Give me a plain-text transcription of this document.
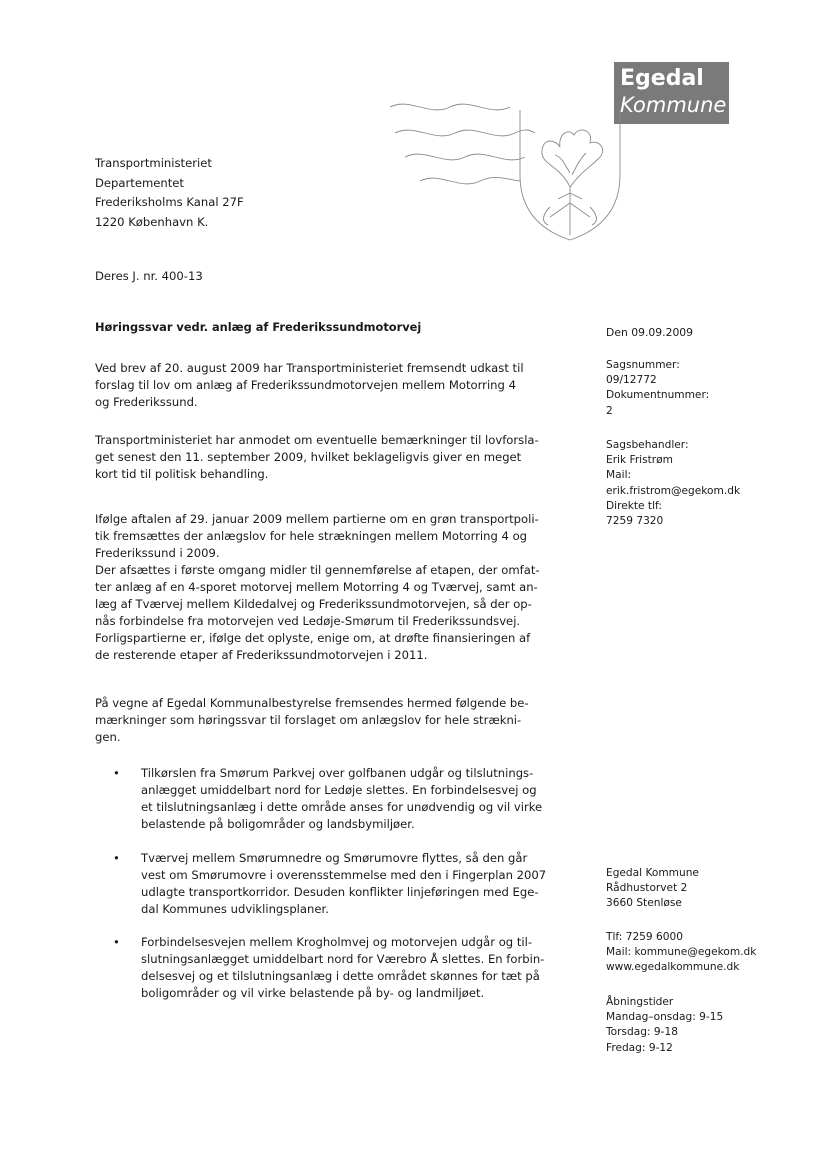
Egedal
Kommune
Transportministeriet
Departementet
Frederiksholms Kanal 27F
1220 København K.
Deres J. nr. 400-13
Høringssvar vedr. anlæg af Frederikssundmotorvej	Den 09.09.2009
Ved brev af 20. august 2009 har Transportministeriet fremsendt udkast til
forslag til lov om anlæg af Frederikssundmotorvejen mellem Motorring 4
og Frederikssund.
Transportministeriet har anmodet om eventuelle bemærkninger til lovforsla-
get senest den 11. september 2009, hvilket beklageligvis giver en meget
kort tid til politisk behandling.
Ifølge aftalen af 29. januar 2009 mellem partierne om en grøn transportpoli-
tik fremsættes der anlægslov for hele strækningen mellem Motorring 4 og
Frederikssund i 2009.
Der afsættes i første omgang midler til gennemførelse af etapen, der omfat-
ter anlæg af en 4-sporet motorvej mellem Motorring 4 og Tværvej, samt an-
læg af Tværvej mellem Kildedalvej og Frederikssundmotorvejen, så der op-
nås forbindelse fra motorvejen ved Ledøje-Smørum til Frederikssundsvej.
Forligspartierne er, ifølge det oplyste, enige om, at drøfte finansieringen af
de resterende etaper af Frederikssundmotorvejen i 2011.
På vegne af Egedal Kommunalbestyrelse fremsendes hermed følgende be-
mærkninger som høringssvar til forslaget om anlægslov for hele strækni-
gen.
• Tilkørslen fra Smørum Parkvej over golfbanen udgår og tilslutnings-
anlægget umiddelbart nord for Ledøje slettes. En forbindelsesvej og
et tilslutningsanlæg i dette område anses for unødvendig og vil virke
belastende på boligområder og landsbymiljøer.
• Tværvej mellem Smørumnedre og Smørumovre flyttes, så den går
vest om Smørumovre i overensstemmelse med den i Fingerplan 2007
udlagte transportkorridor. Desuden konflikter linjeføringen med Ege-
dal Kommunes udviklingsplaner.
• Forbindelsesvejen mellem Krogholmvej og motorvejen udgår og til-
slutningsanlægget umiddelbart nord for Værebro Å slettes. En forbin-
delsesvej og et tilslutningsanlæg i dette området skønnes for tæt på
boligområder og vil virke belastende på by- og landmiljøet.
Sagsnummer:
09/12772
Dokumentnummer:
2
Sagsbehandler:
Erik Fristrøm
Mail:
erik.fristrom@egekom.dk
Direkte tlf:
7259 7320
Egedal Kommune
Rådhustorvet 2
3660 Stenløse
Tlf: 7259 6000
Mail: kommune@egekom.dk
www.egedalkommune.dk
Åbningstider
Mandag–onsdag: 9-15
Torsdag: 9-18
Fredag: 9-12
